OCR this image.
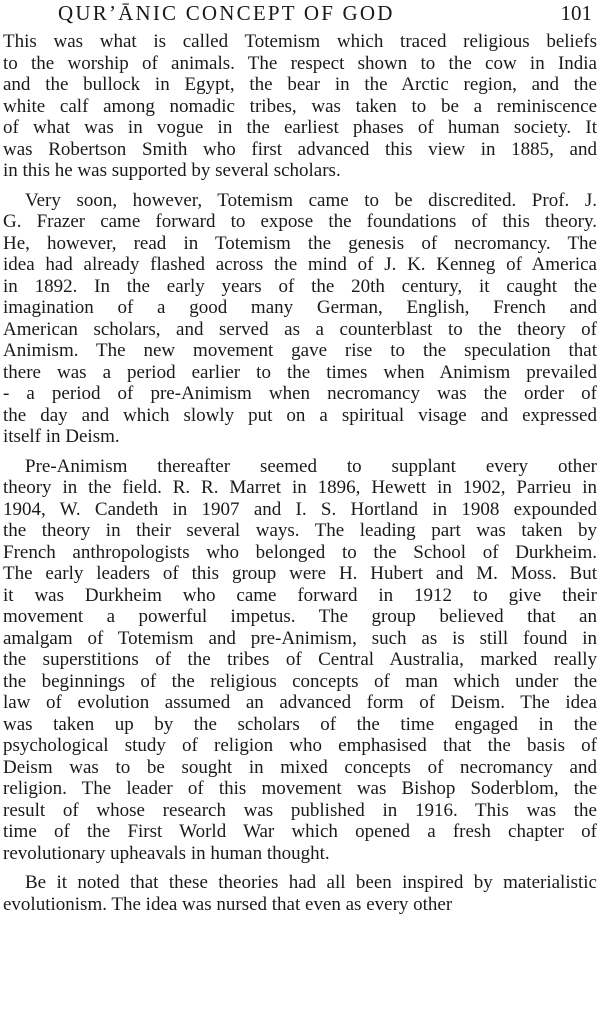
QUR’ĀNIC CONCEPT OF GOD	101

This was what is called Totemism which traced religious beliefs
to the worship of animals. The respect shown to the cow in India
and the bullock in Egypt, the bear in the Arctic region, and the
white calf among nomadic tribes, was taken to be a reminiscence
of what was in vogue in the earliest phases of human society. It
was Robertson Smith who first advanced this view in 1885, and
in this he was supported by several scholars.

Very soon, however, Totemism came to be discredited. Prof. J.
G. Frazer came forward to expose the foundations of this theory.
He, however, read in Totemism the genesis of necromancy. The
idea had already flashed across the mind of J. K. Kenneg of America
in 1892. In the early years of the 20th century, it caught the
imagination of a good many German, English, French and
American scholars, and served as a counterblast to the theory of
Animism. The new movement gave rise to the speculation that
there was a period earlier to the times when Animism prevailed
- a period of pre-Animism when necromancy was the order of
the day and which slowly put on a spiritual visage and expressed
itself in Deism.

Pre-Animism thereafter seemed to supplant every other
theory in the field. R. R. Marret in 1896, Hewett in 1902, Parrieu in
1904, W. Candeth in 1907 and I. S. Hortland in 1908 expounded
the theory in their several ways. The leading part was taken by
French anthropologists who belonged to the School of Durkheim.
The early leaders of this group were H. Hubert and M. Moss. But
it was Durkheim who came forward in 1912 to give their
movement a powerful impetus. The group believed that an
amalgam of Totemism and pre-Animism, such as is still found in
the superstitions of the tribes of Central Australia, marked really
the beginnings of the religious concepts of man which under the
law of evolution assumed an advanced form of Deism. The idea
was taken up by the scholars of the time engaged in the
psychological study of religion who emphasised that the basis of
Deism was to be sought in mixed concepts of necromancy and
religion. The leader of this movement was Bishop Soderblom, the
result of whose research was published in 1916. This was the
time of the First World War which opened a fresh chapter of
revolutionary upheavals in human thought.

Be it noted that these theories had all been inspired by materialistic
evolutionism. The idea was nursed that even as every other
